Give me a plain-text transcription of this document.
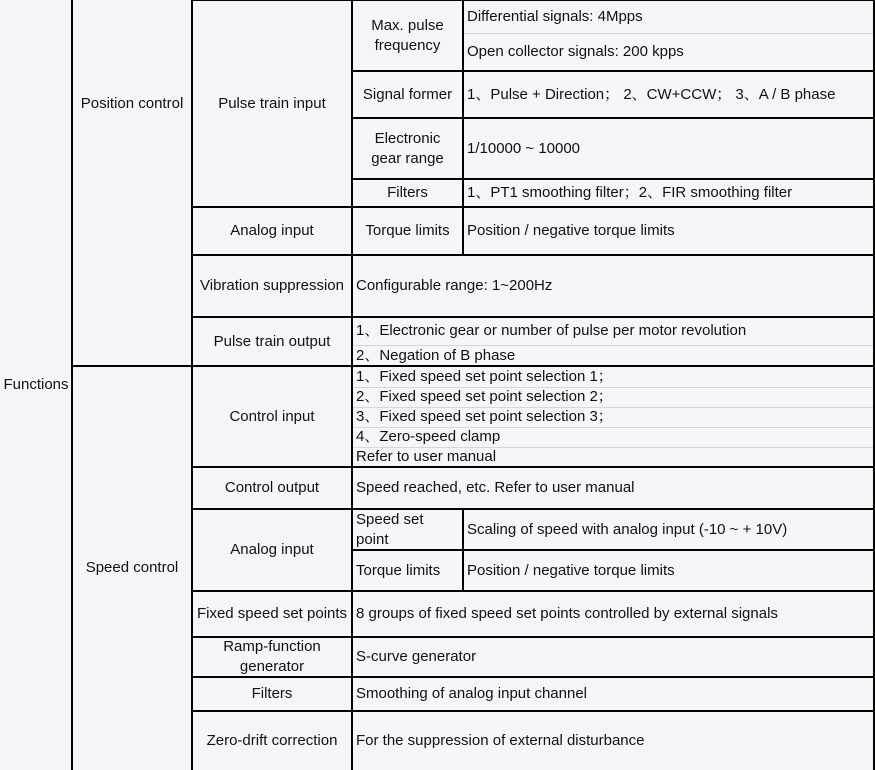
Functions
Position control
Speed control
Pulse train input
Analog input
Vibration suppression
Pulse train output
Control input
Control output
Analog input
Fixed speed set points
Ramp-function generator
Filters
Zero-drift correction
Max. pulse frequency
Signal former
Electronic gear range
Filters
Torque limits
Speed set point
Torque limits
Differential signals: 4Mpps
Open collector signals: 200 kpps
1、Pulse + Direction； 2、CW+CCW； 3、A / B phase
1/10000 ~ 10000
1、PT1 smoothing filter；2、FIR smoothing filter
Position / negative torque limits
Configurable range: 1~200Hz
1、Electronic gear or number of pulse per motor revolution
2、Negation of B phase
1、Fixed speed set point selection 1；
2、Fixed speed set point selection 2；
3、Fixed speed set point selection 3；
4、Zero-speed clamp
Refer to user manual
Speed reached, etc. Refer to user manual
Scaling of speed with analog input (-10 ~ + 10V)
Position / negative torque limits
8 groups of fixed speed set points controlled by external signals
S-curve generator
Smoothing of analog input channel
For the suppression of external disturbance
